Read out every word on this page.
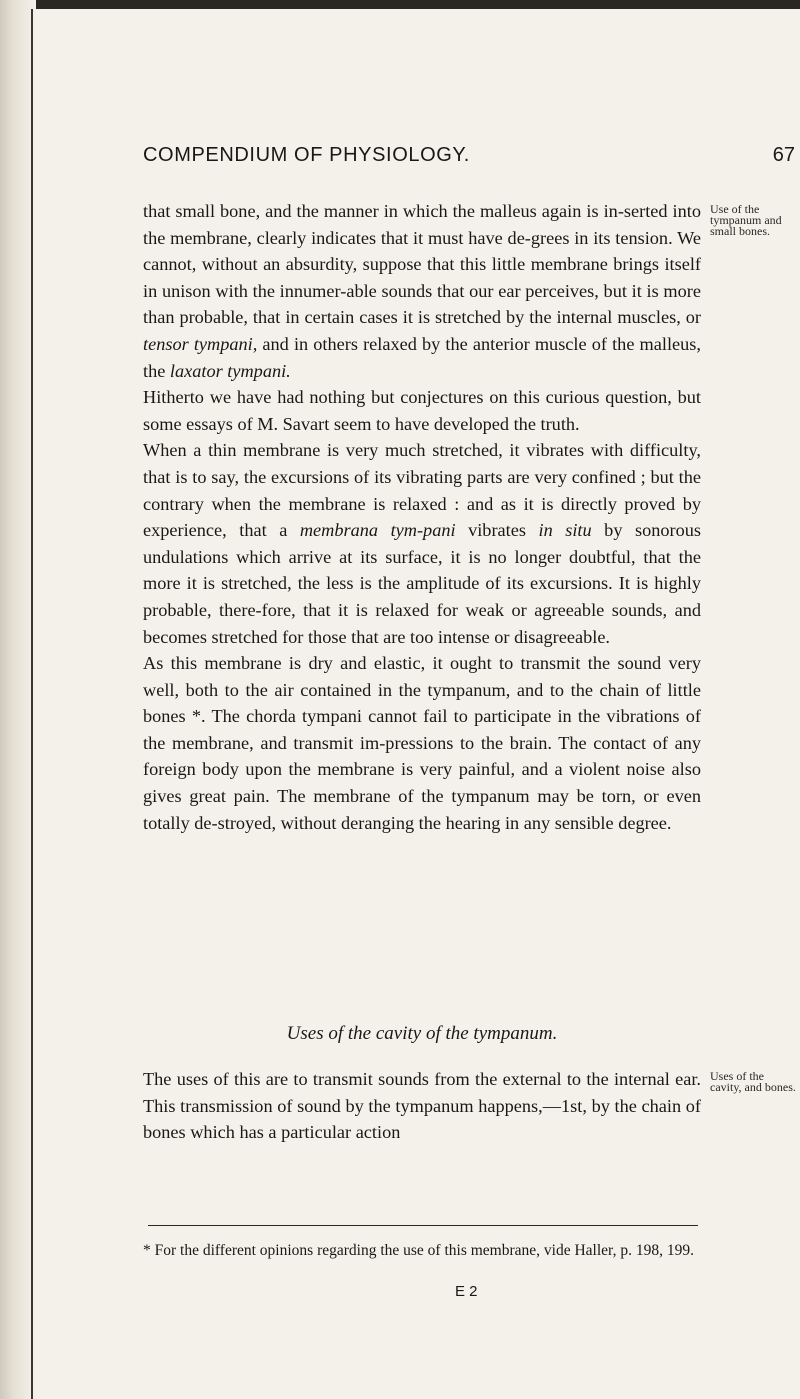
COMPENDIUM OF PHYSIOLOGY.	67
Use of the tympanum and small bones.

that small bone, and the manner in which the malleus again is in-serted into the membrane, clearly indicates that it must have de-grees in its tension. We cannot, without an absurdity, suppose that this little membrane brings itself in unison with the innumer-able sounds that our ear perceives, but it is more than probable, that in certain cases it is stretched by the internal muscles, or tensor tympani, and in others relaxed by the anterior muscle of the malleus, the laxator tympani.

Hitherto we have had nothing but conjectures on this curious question, but some essays of M. Savart seem to have developed the truth.

When a thin membrane is very much stretched, it vibrates with difficulty, that is to say, the excursions of its vibrating parts are very confined ; but the contrary when the membrane is relaxed : and as it is directly proved by experience, that a membrana tym-pani vibrates in situ by sonorous undulations which arrive at its surface, it is no longer doubtful, that the more it is stretched, the less is the amplitude of its excursions. It is highly probable, there-fore, that it is relaxed for weak or agreeable sounds, and becomes stretched for those that are too intense or disagreeable.

As this membrane is dry and elastic, it ought to transmit the sound very well, both to the air contained in the tympanum, and to the chain of little bones *. The chorda tympani cannot fail to participate in the vibrations of the membrane, and transmit im-pressions to the brain. The contact of any foreign body upon the membrane is very painful, and a violent noise also gives great pain. The membrane of the tympanum may be torn, or even totally de-stroyed, without deranging the hearing in any sensible degree.

Uses of the cavity of the tympanum.
Uses of the cavity, and bones.

The uses of this are to transmit sounds from the external to the internal ear. This transmission of sound by the tympanum happens,—1st, by the chain of bones which has a particular action

* For the different opinions regarding the use of this membrane, vide Haller, p. 198, 199.
E 2
